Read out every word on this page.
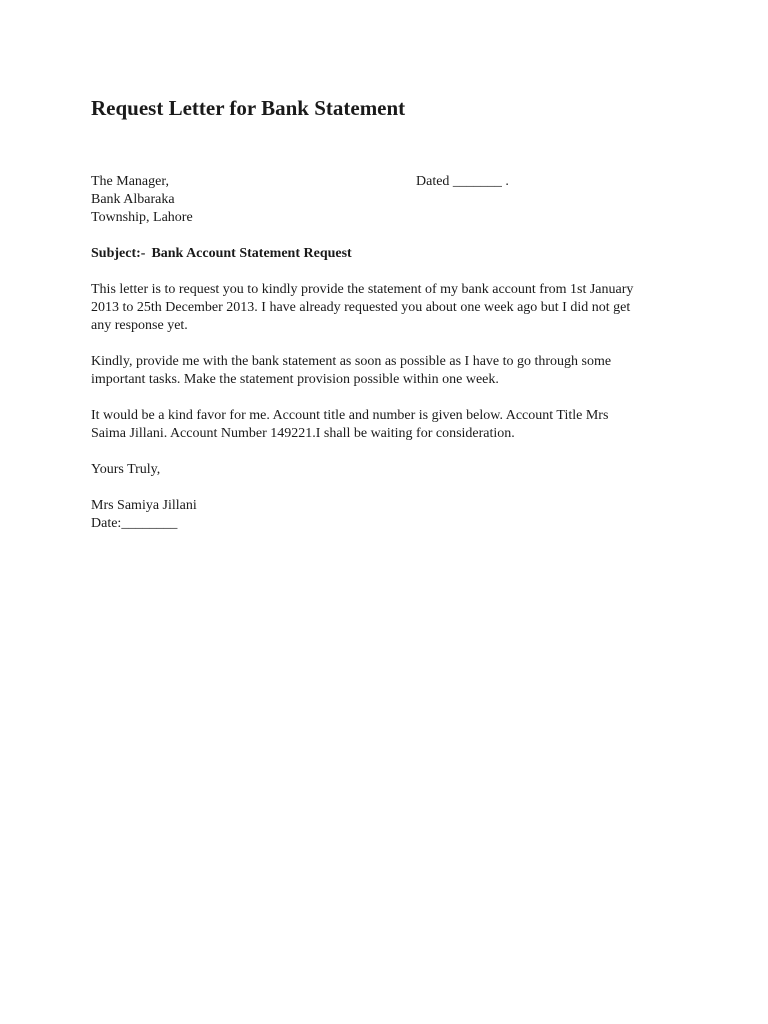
Request Letter for Bank Statement
The Manager,
Bank Albaraka
Township, Lahore
Dated _______ .
Subject:- Bank Account Statement Request
This letter is to request you to kindly provide the statement of my bank account from 1st January
2013 to 25th December 2013. I have already requested you about one week ago but I did not get
any response yet.
Kindly, provide me with the bank statement as soon as possible as I have to go through some
important tasks. Make the statement provision possible within one week.
It would be a kind favor for me. Account title and number is given below. Account Title Mrs
Saima Jillani. Account Number 149221.I shall be waiting for consideration.
Yours Truly,
Mrs Samiya Jillani
Date:________
